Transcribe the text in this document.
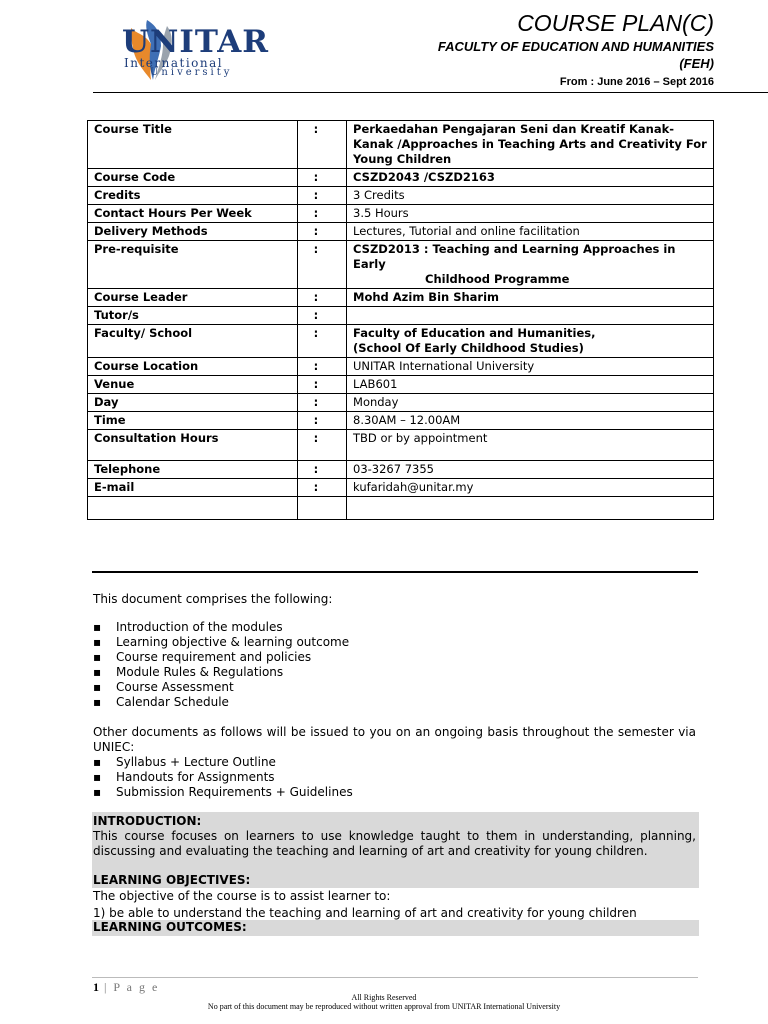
UNITAR
International
University
COURSE PLAN(C)
FACULTY OF EDUCATION AND HUMANITIES
(FEH)
From : June 2016 – Sept 2016
Course Title	:	Perkaedahan Pengajaran Seni dan Kreatif Kanak-Kanak /Approaches in Teaching Arts and Creativity For Young Children

Course Code	:	CSZD2043 /CSZD2163

Credits	:	3 Credits

Contact Hours Per Week	:	3.5 Hours

Delivery Methods	:	Lectures, Tutorial and online facilitation

Pre-requisite	:	CSZD2013 : Teaching and Learning Approaches in Early
Childhood Programme

Course Leader	:	Mohd Azim Bin Sharim

Tutor/s	:	

Faculty/ School	:	Faculty of Education and Humanities,
(School Of Early Childhood Studies)

Course Location	:	UNITAR International University

Venue	:	LAB601

Day	:	Monday

Time	:	8.30AM – 12.00AM

Consultation Hours	:	TBD or by appointment

Telephone	:	03-3267 7355

E-mail	:	kufaridah@unitar.my

This document comprises the following:
▪ Introduction of the modules
▪ Learning objective & learning outcome
▪ Course requirement and policies
▪ Module Rules & Regulations
▪ Course Assessment
▪ Calendar Schedule
Other documents as follows will be issued to you on an ongoing basis throughout the semester via UNIEC:
▪ Syllabus + Lecture Outline
▪ Handouts for Assignments
▪ Submission Requirements + Guidelines
INTRODUCTION:
This course focuses on learners to use knowledge taught to them in understanding, planning, discussing and evaluating the teaching and learning of art and creativity for young children.
LEARNING OBJECTIVES:
The objective of the course is to assist learner to:
1) be able to understand the teaching and learning of art and creativity for young children
LEARNING OUTCOMES:
1 | P a g e
All Rights Reserved
No part of this document may be reproduced without written approval from UNITAR International University
